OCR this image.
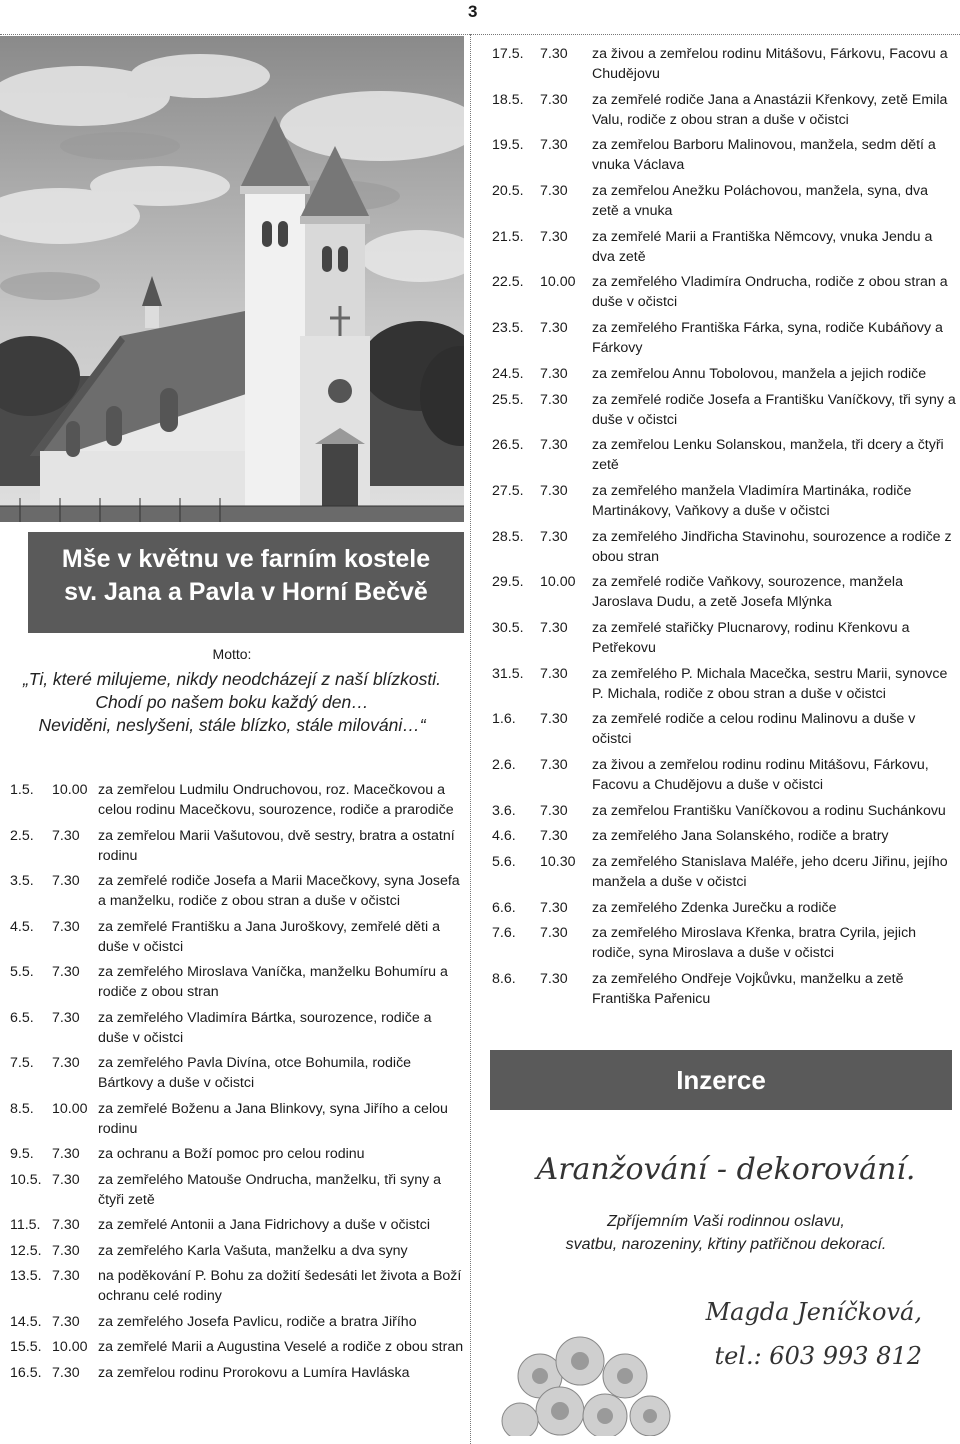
3
Mše v květnu ve farním kostele
sv. Jana a Pavla v Horní Bečvě
Motto:
„Ti, které milujeme, nikdy neodcházejí z naší blízkosti.
Chodí po našem boku každý den…
Neviděni, neslyšeni, stále blízko, stále milováni…“
1.5.	10.00 za zemřelou Ludmilu Ondruchovou, roz. Macečkovou a celou rodinu Macečkovu, sourozence, rodiče a prarodiče
2.5.	7.30	za zemřelou Marii Vašutovou, dvě sestry, bratra a ostatní rodinu
3.5.	7.30	za zemřelé rodiče Josefa a Marii Macečkovy, syna Josefa a manželku, rodiče z obou stran a duše v očistci
4.5.	7.30	za zemřelé Františku a Jana Juroškovy, zemřelé děti a duše v očistci
5.5.	7.30	za zemřelého Miroslava Vaníčka, manželku Bohumíru a rodiče z obou stran
6.5.	7.30	za zemřelého Vladimíra Bártka, sourozence, rodiče a duše v očistci
7.5.	7.30	za zemřelého Pavla Divína, otce Bohumila, rodiče Bártkovy a duše v očistci
8.5.	10.00 za zemřelé Boženu a Jana Blinkovy, syna Jiřího a celou rodinu
9.5.	7.30	za ochranu a Boží pomoc pro celou rodinu
10.5. 7.30	za zemřelého Matouše Ondrucha, manželku, tři syny a čtyři zetě
11.5. 7.30	za zemřelé Antonii a Jana Fidrichovy a duše v očistci
12.5. 7.30	za zemřelého Karla Vašuta, manželku a dva syny
13.5. 7.30	na poděkování P. Bohu za dožití šedesáti let života a Boží ochranu celé rodiny
14.5. 7.30	za zemřelého Josefa Pavlicu, rodiče a bratra Jiřího
15.5. 10.00 za zemřelé Marii a Augustina Veselé a rodiče z obou stran
16.5. 7.30	za zemřelou rodinu Prorokovu a Lumíra Havláska
17.5.	7.30	za živou a zemřelou rodinu Mitášovu, Fárkovu, Facovu a Chudějovu
18.5.	7.30	za zemřelé rodiče Jana a Anastázii Křenkovy, zetě Emila Valu, rodiče z obou stran a duše v očistci
19.5.	7.30	za zemřelou Barboru Malinovou, manžela, sedm dětí a vnuka Václava
20.5.	7.30	za zemřelou Anežku Poláchovou, manžela, syna, dva zetě a vnuka
21.5.	7.30	za zemřelé Marii a Františka Němcovy, vnuka Jendu a dva zetě
22.5.	10.00	za zemřelého Vladimíra Ondrucha, rodiče z obou stran a duše v očistci
23.5.	7.30	za zemřelého Františka Fárka, syna, rodiče Kubáňovy a Fárkovy
24.5.	7.30	za zemřelou Annu Tobolovou, manžela a jejich rodiče
25.5.	7.30	za zemřelé rodiče Josefa a Františku Vaníčkovy, tři syny a duše v očistci
26.5.	7.30	za zemřelou Lenku Solanskou, manžela, tři dcery a čtyři zetě
27.5.	7.30	za zemřelého manžela Vladimíra Martináka, rodiče Martinákovy, Vaňkovy a duše v očistci
28.5.	7.30	za zemřelého Jindřicha Stavinohu, sourozence a rodiče z obou stran
29.5.	10.00	za zemřelé rodiče Vaňkovy, sourozence, manžela Jaroslava Dudu, a zetě Josefa Mlýnka
30.5.	7.30	za zemřelé stařičky Plucnarovy, rodinu Křenkovu a Petřekovu
31.5.	7.30	za zemřelého P. Michala Macečka, sestru Marii, synovce P. Michala, rodiče z obou stran a duše v očistci
1.6.	7.30	za zemřelé rodiče a celou rodinu Malinovu a duše v očistci
2.6.	7.30	za živou a zemřelou rodinu rodinu Mitášovu, Fárkovu, Facovu a Chudějovu a duše v očistci
3.6.	7.30	za zemřelou Františku Vaníčkovou a rodinu Suchánkovu
4.6.	7.30	za zemřelého Jana Solanského, rodiče a bratry
5.6.	10.30	za zemřelého Stanislava Maléře, jeho dceru Jiřinu, jejího manžela a duše v očistci
6.6.	7.30	za zemřelého Zdenka Jurečku a rodiče
7.6.	7.30	za zemřelého Miroslava Křenka, bratra Cyrila, jejich rodiče, syna Miroslava a duše v očistci
8.6.	7.30	za zemřelého Ondřeje Vojkůvku, manželku a zetě Františka Pařenicu
Inzerce
Aranžování - dekorování.
Zpříjemním Vaši rodinnou oslavu,
svatbu, narozeniny, křtiny patřičnou dekorací.
Magda Jeníčková,
tel.: 603 993 812
